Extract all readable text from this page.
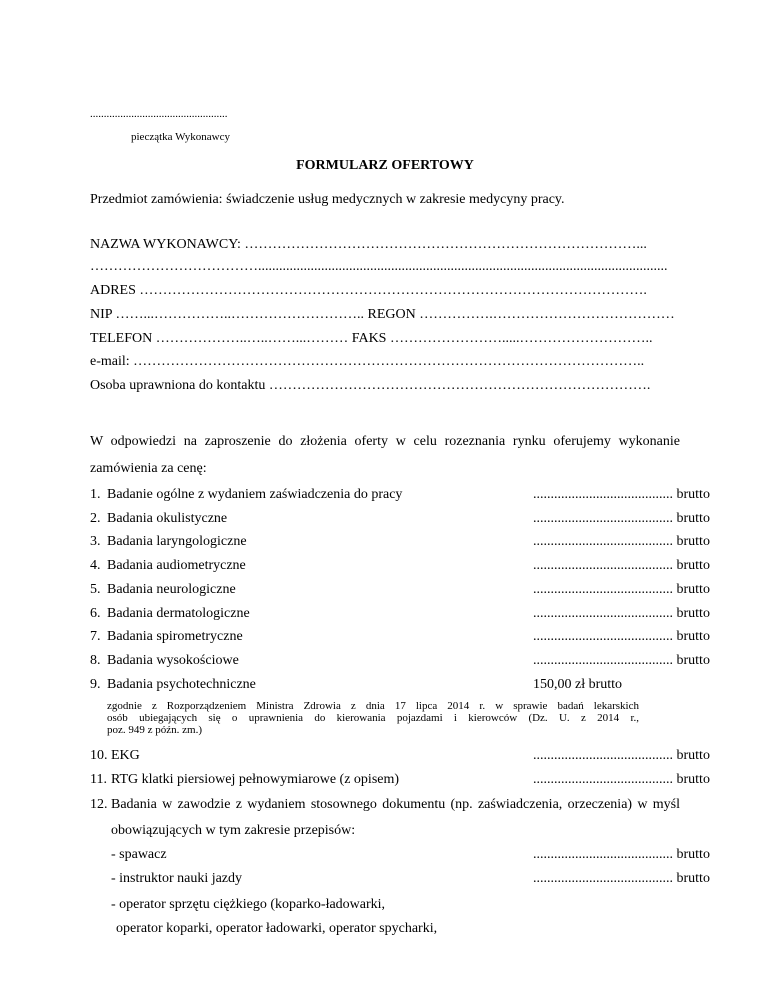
..................................................
pieczątka Wykonawcy
FORMULARZ OFERTOWY
Przedmiot zamówienia: świadczenie usług medycznych w zakresie medycyny pracy.
NAZWA WYKONAWCY: …………………………………………………………………………...
……………………………….....................................................................................................................
ADRES ……………………………………………………………………………………………….
NIP ……...……………..……………………….. REGON …………….…………………………………
TELEFON ………………..…..……...……… FAKS …………………….....………………………..
e-mail: ………………………………………………………………………………………………..
Osoba uprawniona do kontaktu ……………………………………………………………………….
W odpowiedzi na zaproszenie do złożenia oferty w celu rozeznania rynku oferujemy wykonanie
zamówienia za cenę:
1. Badanie ogólne z wydaniem zaświadczenia do pracy	........................................ brutto
2. Badania okulistyczne	........................................ brutto
3. Badania laryngologiczne	........................................ brutto
4. Badania audiometryczne	........................................ brutto
5. Badania neurologiczne	........................................ brutto
6. Badania dermatologiczne	........................................ brutto
7. Badania spirometryczne	........................................ brutto
8. Badania wysokościowe	........................................ brutto
9. Badania psychotechniczne	150,00 zł brutto
zgodnie z Rozporządzeniem Ministra Zdrowia z dnia 17 lipca 2014 r. w sprawie badań lekarskich
osób ubiegających się o uprawnienia do kierowania pojazdami i kierowców (Dz. U. z 2014 r.,
poz. 949 z późn. zm.)
10. EKG	........................................ brutto
11. RTG klatki piersiowej pełnowymiarowe (z opisem)	........................................ brutto
12. Badania w zawodzie z wydaniem stosownego dokumentu (np. zaświadczenia, orzeczenia) w myśl
obowiązujących w tym zakresie przepisów:
- spawacz	........................................ brutto
- instruktor nauki jazdy	........................................ brutto
- operator sprzętu ciężkiego (koparko-ładowarki,
operator koparki, operator ładowarki, operator spycharki,
